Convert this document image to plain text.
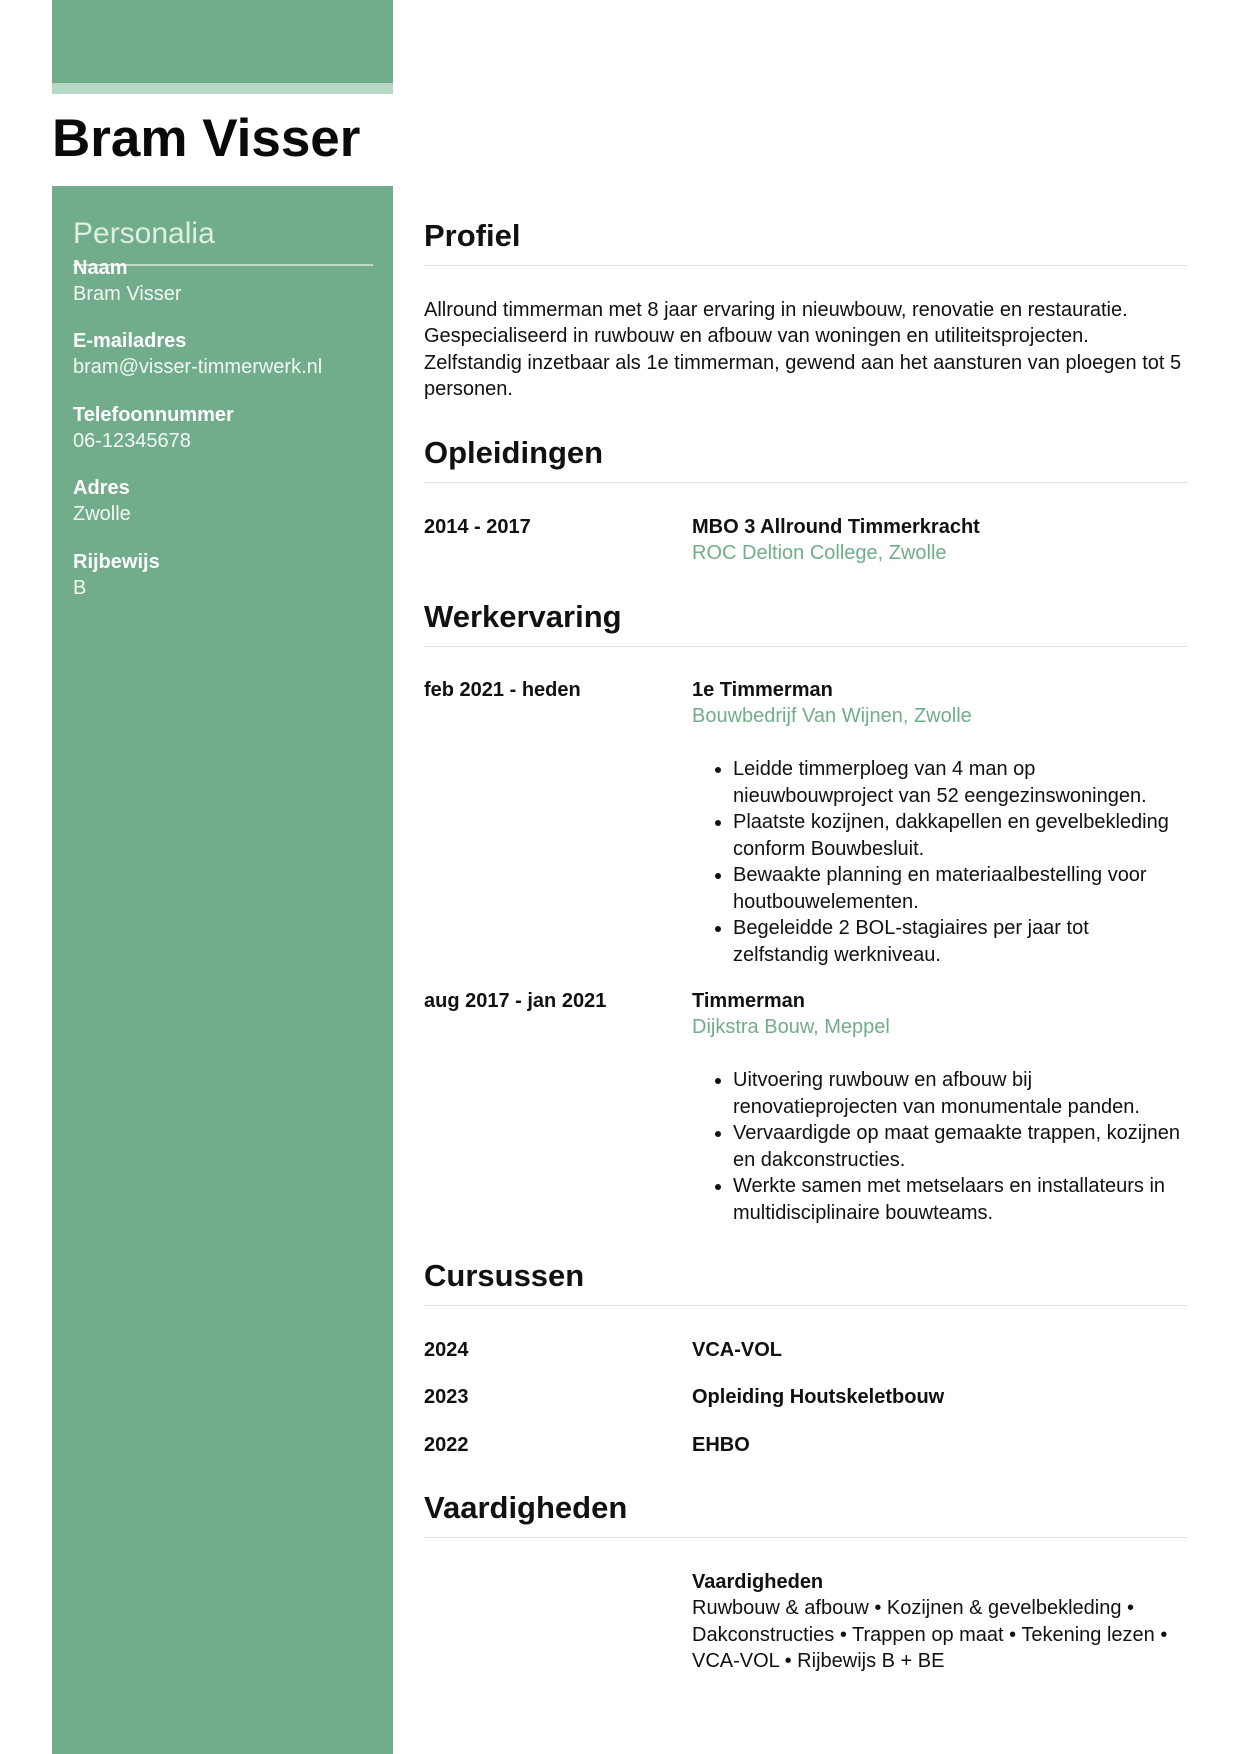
Bram Visser
Personalia
Naam
Bram Visser
E-mailadres
bram@visser-timmerwerk.nl
Telefoonnummer
06-12345678
Adres
Zwolle
Rijbewijs
B
Profiel
Allround timmerman met 8 jaar ervaring in nieuwbouw, renovatie en restauratie. Gespecialiseerd in ruwbouw en afbouw van woningen en utiliteitsprojecten. Zelfstandig inzetbaar als 1e timmerman, gewend aan het aansturen van ploegen tot 5 personen.
Opleidingen
2014 - 2017	MBO 3 Allround Timmerkracht
ROC Deltion College, Zwolle
Werkervaring
feb 2021 - heden	1e Timmerman
Bouwbedrijf Van Wijnen, Zwolle
• Leidde timmerploeg van 4 man op nieuwbouwproject van 52 eengezinswoningen.
• Plaatste kozijnen, dakkapellen en gevelbekleding conform Bouwbesluit.
• Bewaakte planning en materiaalbestelling voor houtbouwelementen.
• Begeleidde 2 BOL-stagiaires per jaar tot zelfstandig werkniveau.
aug 2017 - jan 2021	Timmerman
Dijkstra Bouw, Meppel
• Uitvoering ruwbouw en afbouw bij renovatieprojecten van monumentale panden.
• Vervaardigde op maat gemaakte trappen, kozijnen en dakconstructies.
• Werkte samen met metselaars en installateurs in multidisciplinaire bouwteams.
Cursussen
2024	VCA-VOL
2023	Opleiding Houtskeletbouw
2022	EHBO
Vaardigheden
Vaardigheden
Ruwbouw & afbouw • Kozijnen & gevelbekleding • Dakconstructies • Trappen op maat • Tekening lezen • VCA-VOL • Rijbewijs B + BE
